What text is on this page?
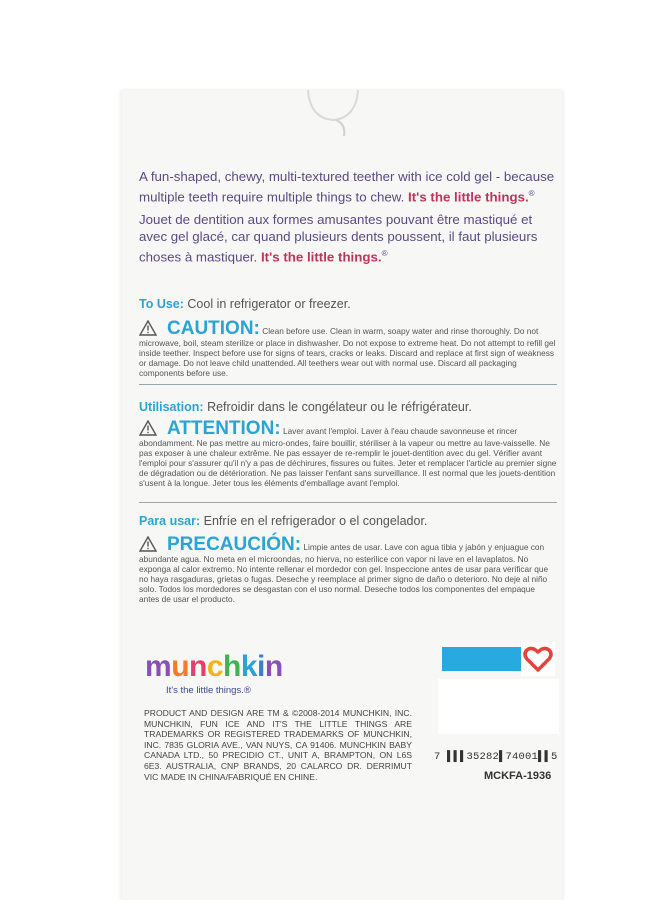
A fun-shaped, chewy, multi-textured teether with ice cold gel - because multiple teeth require multiple things to chew. It's the little things.®

Jouet de dentition aux formes amusantes pouvant être mastiqué et avec gel glacé, car quand plusieurs dents poussent, il faut plusieurs choses à mastiquer. It's the little things.®

To Use: Cool in refrigerator or freezer.

CAUTION: Clean before use. Clean in warm, soapy water and rinse thoroughly. Do not microwave, boil, steam sterilize or place in dishwasher. Do not expose to extreme heat. Do not attempt to refill gel inside teether. Inspect before use for signs of tears, cracks or leaks. Discard and replace at first sign of weakness or damage. Do not leave child unattended. All teethers wear out with normal use. Discard all packaging components before use.

Utilisation: Refroidir dans le congélateur ou le réfrigérateur.

ATTENTION: Laver avant l'emploi. Laver à l'eau chaude savonneuse et rincer abondamment. Ne pas mettre au micro-ondes, faire bouillir, stériliser à la vapeur ou mettre au lave-vaisselle. Ne pas exposer à une chaleur extrême. Ne pas essayer de re-remplir le jouet-dentition avec du gel. Vérifier avant l'emploi pour s'assurer qu'il n'y a pas de déchirures, fissures ou fuites. Jeter et remplacer l'article au premier signe de dégradation ou de détérioration. Ne pas laisser l'enfant sans surveillance. Il est normal que les jouets-dentition s'usent à la longue. Jeter tous les éléments d'emballage avant l'emploi.

Para usar: Enfríe en el refrigerador o el congelador.

PRECAUCIÓN: Limpie antes de usar. Lave con agua tibia y jabón y enjuague con abundante agua. No meta en el microondas, no hierva, no esterilice con vapor ni lave en el lavaplatos. No exponga al calor extremo. No intente rellenar el mordedor con gel. Inspeccione antes de usar para verificar que no haya rasgaduras, grietas o fugas. Deseche y reemplace al primer signo de daño o deterioro. No deje al niño solo. Todos los mordedores se desgastan con el uso normal. Deseche todos los componentes del empaque antes de usar el producto.

munchkin

It's the little things.®

PRODUCT AND DESIGN ARE TM & ©2008-2014 MUNCHKIN, INC. MUNCHKIN, FUN ICE AND IT'S THE LITTLE THINGS ARE TRADEMARKS OR REGISTERED TRADEMARKS OF MUNCHKIN, INC. 7835 GLORIA AVE., VAN NUYS, CA 91406. MUNCHKIN BABY CANADA LTD., 50 PRECIDIO CT., UNIT A, BRAMPTON, ON L6S 6E3. AUSTRALIA, CNP BRANDS, 20 CALARCO DR. DERRIMUT VIC MADE IN CHINA/FABRIQUÉ EN CHINE.

7 ▌▌▌35282▌74001▌▌5

MCKFA-1936
